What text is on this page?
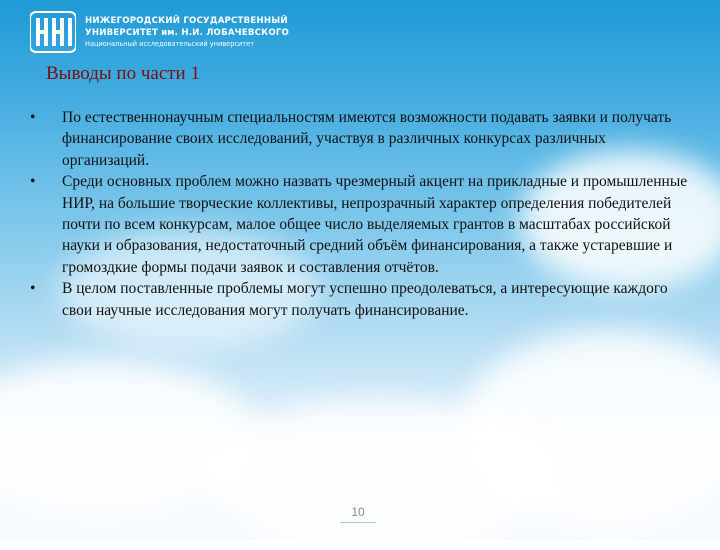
НИЖЕГОРОДСКИЙ ГОСУДАРСТВЕННЫЙ
УНИВЕРСИТЕТ им. Н.И. ЛОБАЧЕВСКОГО
Национальный исследовательский университет
Выводы по части 1
•	По естественнонаучным специальностям имеются возможности подавать заявки и получать финансирование своих исследований, участвуя в различных конкурсах различных организаций.
•	Среди основных проблем можно назвать чрезмерный акцент на прикладные и промышленные НИР, на большие творческие коллективы, непрозрачный характер определения победителей почти по всем конкурсам, малое общее число выделяемых грантов в масштабах российской науки и образования, недостаточный средний объём финансирования, а также устаревшие и громоздкие формы подачи заявок и составления отчётов.
•	В целом поставленные проблемы могут успешно преодолеваться, а интересующие каждого свои научные исследования могут получать финансирование.
10
